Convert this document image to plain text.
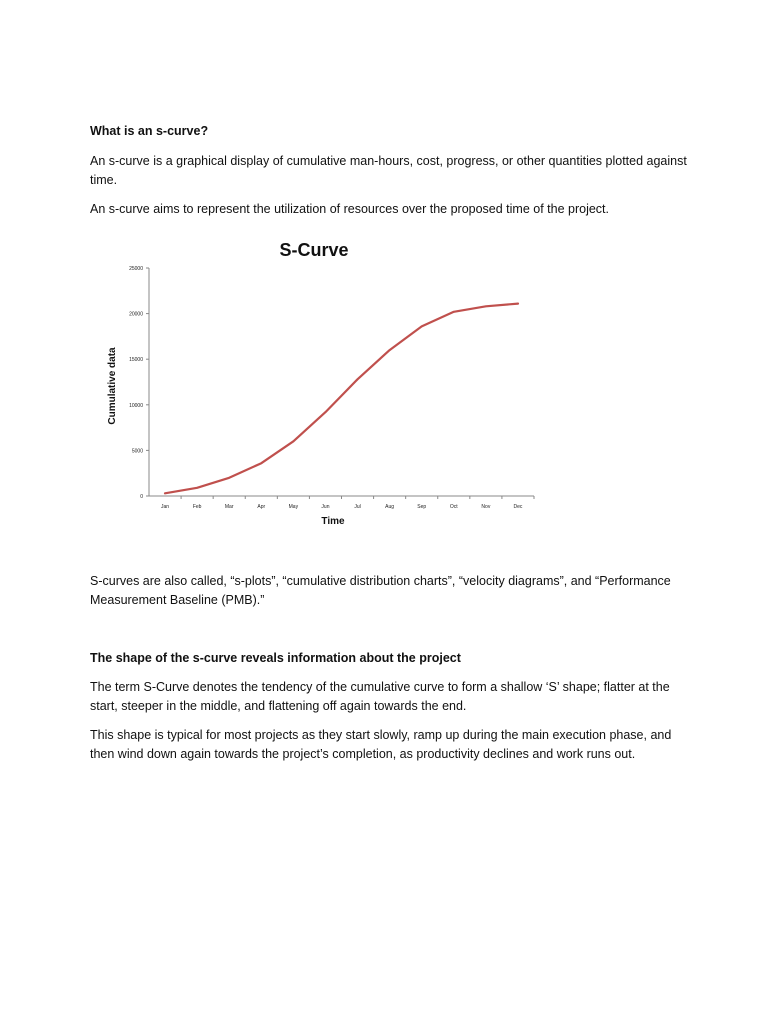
What is an s-curve?

An s-curve is a graphical display of cumulative man-hours, cost, progress, or other quantities plotted against time.

An s-curve aims to represent the utilization of resources over the proposed time of the project.

S-Curve
Cumulative data
Time
0
5000
10000
15000
20000
25000
Jan	Feb	Mar	Apr	May	Jun	Jul	Aug	Sep	Oct	Nov	Dec

S-curves are also called, “s-plots”, “cumulative distribution charts”, “velocity diagrams”, and “Performance Measurement Baseline (PMB).”

The shape of the s-curve reveals information about the project

The term S-Curve denotes the tendency of the cumulative curve to form a shallow ‘S’ shape; flatter at the start, steeper in the middle, and flattening off again towards the end.

This shape is typical for most projects as they start slowly, ramp up during the main execution phase, and then wind down again towards the project’s completion, as productivity declines and work runs out.
